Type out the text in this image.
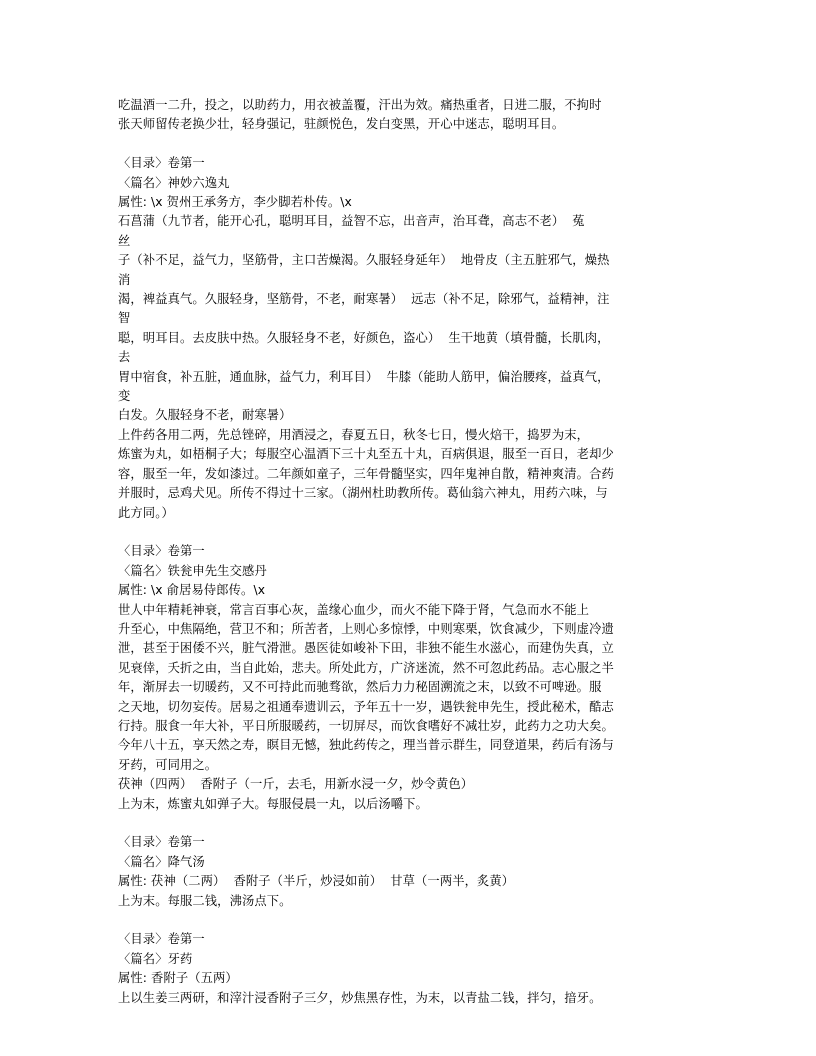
吃温酒一二升，投之，以助药力，用衣被盖覆，汗出为效。痛热重者，日进二服，不拘时

张天师留传老换少壮，轻身强记，驻颜悦色，发白变黑，开心中迷志，聪明耳目。

〈目录〉卷第一

〈篇名〉神妙六逸丸

属性: \x 贺州王承务方，李少脚若朴传。\x

石菖蒲（九节者，能开心孔，聪明耳目，益智不忘，出音声，治耳聋，高志不老）  菟

丝

子（补不足，益气力，坚筋骨，主口苦燥渴。久服轻身延年）  地骨皮（主五脏邪气，燥热

消

渴，裨益真气。久服轻身，坚筋骨，不老，耐寒暑）  远志（补不足，除邪气，益精神，注

智

聪，明耳目。去皮肤中热。久服轻身不老，好颜色，盗心）  生干地黄（填骨髓，长肌肉，

去

胃中宿食，补五脏，通血脉，益气力，利耳目）  牛膝（能助人筋甲，偏治腰疼，益真气，

变

白发。久服轻身不老，耐寒暑）

上件药各用二两，先总锉碎，用酒浸之，春夏五日，秋冬七日，慢火焙干，捣罗为末，

炼蜜为丸，如梧桐子大；每服空心温酒下三十丸至五十丸，百病俱退，服至一百日，老却少

容，服至一年，发如漆过。二年颜如童子，三年骨髓坚实，四年鬼神自散，精神爽清。合药

并服时，忌鸡犬见。所传不得过十三家。（湖州杜助教所传。葛仙翁六神丸，用药六味，与

此方同。）

〈目录〉卷第一

〈篇名〉铁瓮申先生交感丹

属性: \x 俞居易侍郎传。\x

世人中年精耗神衰，常言百事心灰，盖缘心血少，而火不能下降于肾，气急而水不能上

升至心，中焦隔绝，营卫不和；所苦者，上则心多惊悸，中则寒栗，饮食减少，下则虚冷遗

泄，甚至于困倭不兴，脏气滑泄。愚医徒如峻补下田，非独不能生水滋心，而建伪失真，立

见衰倖，夭折之由，当自此始，悲夫。所处此方，广济迷流，然不可忽此药品。志心服之半

年，渐屏去一切暖药，又不可持此而驰骛欲，然后力力秘固溯流之末，以致不可啤逊。服

之天地，切勿妄传。居易之祖通奉遗训云，予年五十一岁，遇铁瓮申先生，授此秘术，酷志

行持。服食一年大补，平日所服暖药，一切屏尽，而饮食嗜好不减壮岁，此药力之功大矣。

今年八十五，享天然之寿，瞑目无憾，独此药传之，理当普示群生，同登道果，药后有汤与

牙药，可同用之。

茯神（四两）  香附子（一斤，去毛，用新水浸一夕，炒令黄色）

上为末，炼蜜丸如弹子大。每服侵晨一丸，以后汤嚼下。

〈目录〉卷第一

〈篇名〉降气汤

属性: 茯神（二两）  香附子（半斤，炒浸如前）  甘草（一两半，炙黄）

上为末。每服二钱，沸汤点下。

〈目录〉卷第一

〈篇名〉牙药

属性: 香附子（五两）

上以生姜三两研，和滓汁浸香附子三夕，炒焦黑存性，为末，以青盐二钱，拌匀，揞牙。
